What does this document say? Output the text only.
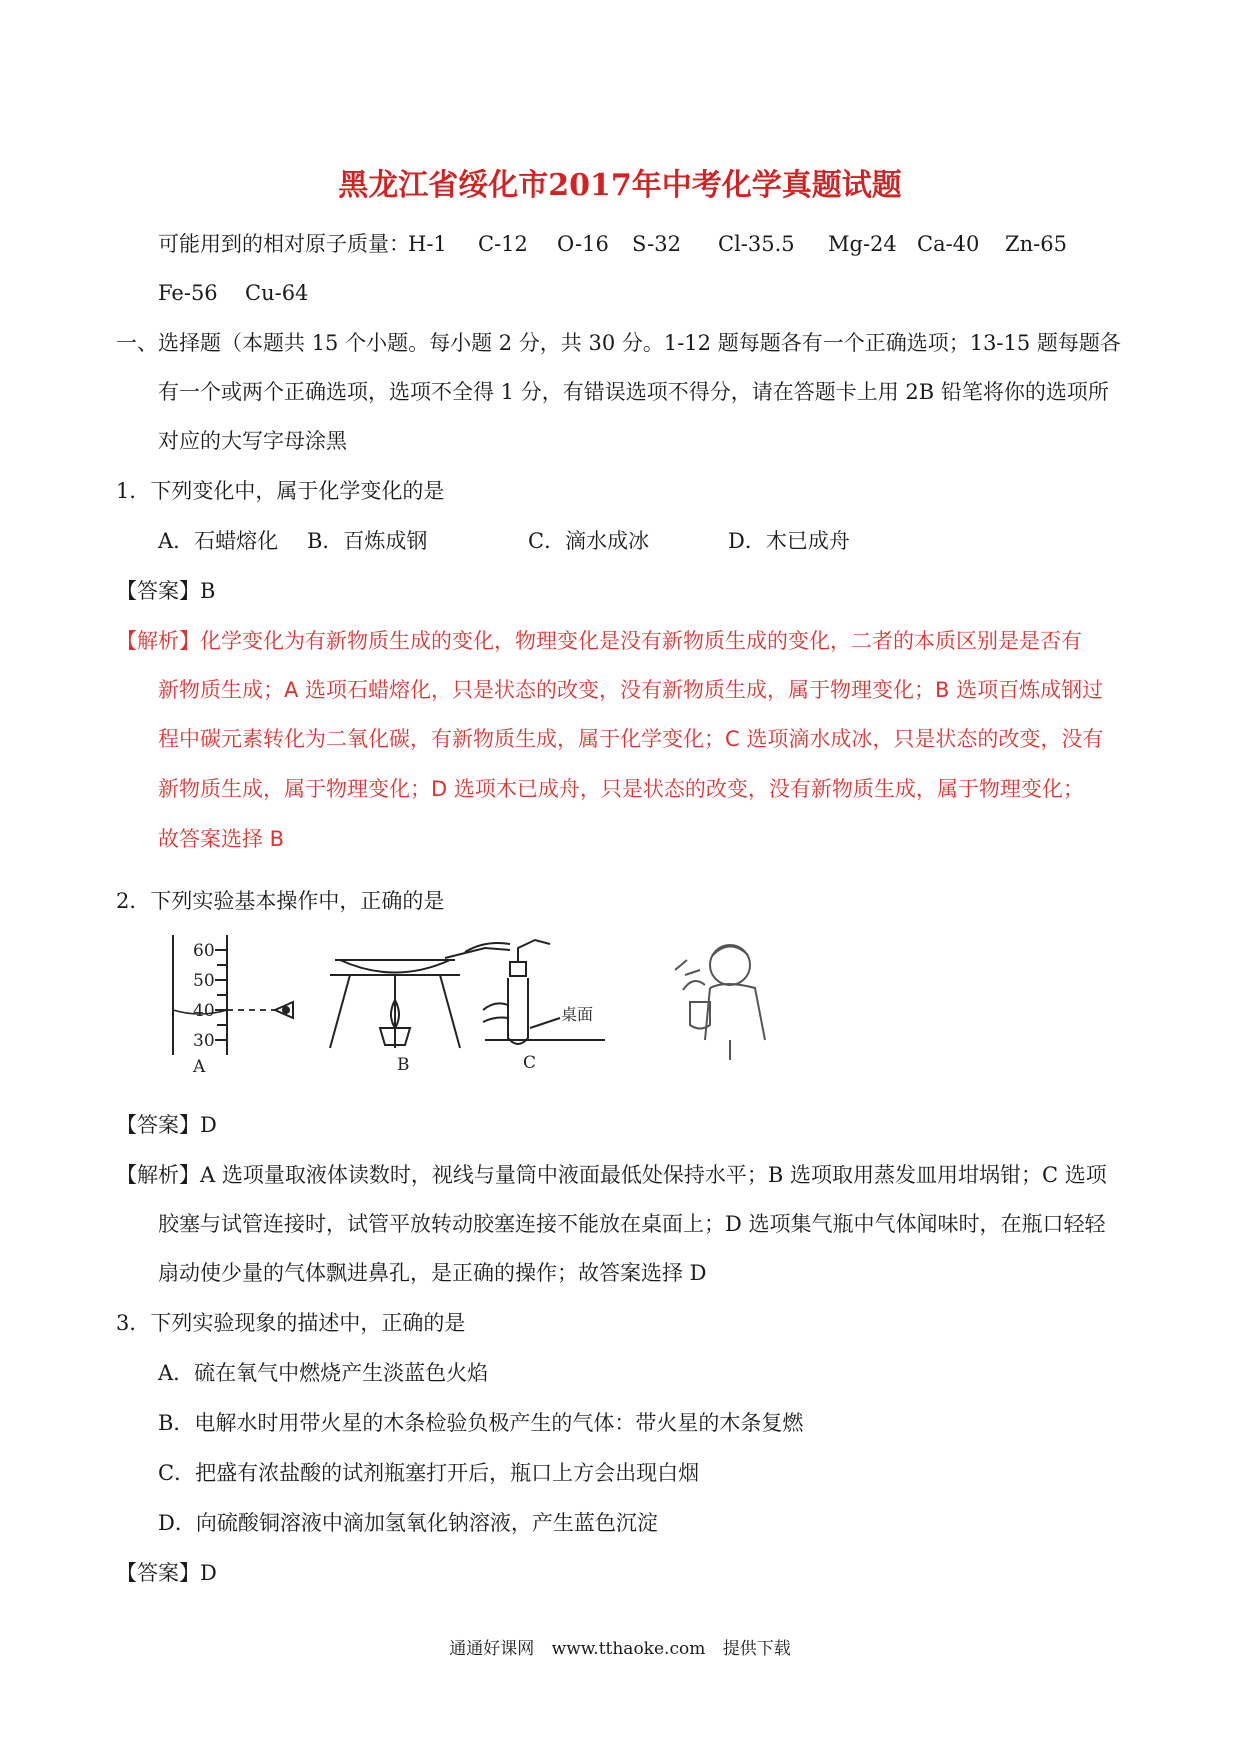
黑龙江省绥化市2017年中考化学真题试题
可能用到的相对原子质量：
H-1 C-12 O-16 S-32 Cl-35.5 Mg-24 Ca-40 Zn-65
Fe-56 Cu-64
一、选择题（本题共 15 个小题。每小题 2 分，共 30 分。1-12 题每题各有一个正确选项；13-15 题每题各
有一个或两个正确选项，选项不全得 1 分，有错误选项不得分，请在答题卡上用 2B 铅笔将你的选项所
对应的大写字母涂黑
1．下列变化中，属于化学变化的是
A．石蜡熔化 B．百炼成钢	C．滴水成冰	D．木已成舟
【答案】B
【解析】 化学变化为有新物质生成的变化，物理变化是没有新物质生成的变化，二者的本质区别是是否有
新物质生成；A 选项石蜡熔化，只是状态的改变，没有新物质生成，属于物理变化；B 选项百炼成钢过
程中碳元素转化为二氧化碳，有新物质生成，属于化学变化；C 选项滴水成冰，只是状态的改变，没有
新物质生成，属于物理变化；D 选项木已成舟，只是状态的改变，没有新物质生成，属于物理变化；
故答案选择 B
2．下列实验基本操作中，正确的是
60
50
40
30
A	B
桌面
C
【答案】D
【解析】 A 选项量取液体读数时，视线与量筒中液面最低处保持水平；B 选项取用蒸发皿用坩埚钳；C 选项
胶塞与试管连接时，试管平放转动胶塞连接不能放在桌面上；D 选项集气瓶中气体闻味时，在瓶口轻轻
扇动使少量的气体飘进鼻孔，是正确的操作；故答案选择 D
3．下列实验现象的描述中，正确的是
A．硫在氧气中燃烧产生淡蓝色火焰
B．电解水时用带火星的木条检验负极产生的气体：带火星的木条复燃
C．把盛有浓盐酸的试剂瓶塞打开后，瓶口上方会出现白烟
D．向硫酸铜溶液中滴加氢氧化钠溶液，产生蓝色沉淀
【答案】D
通通好课网 www.tthaoke.com 提供下载
